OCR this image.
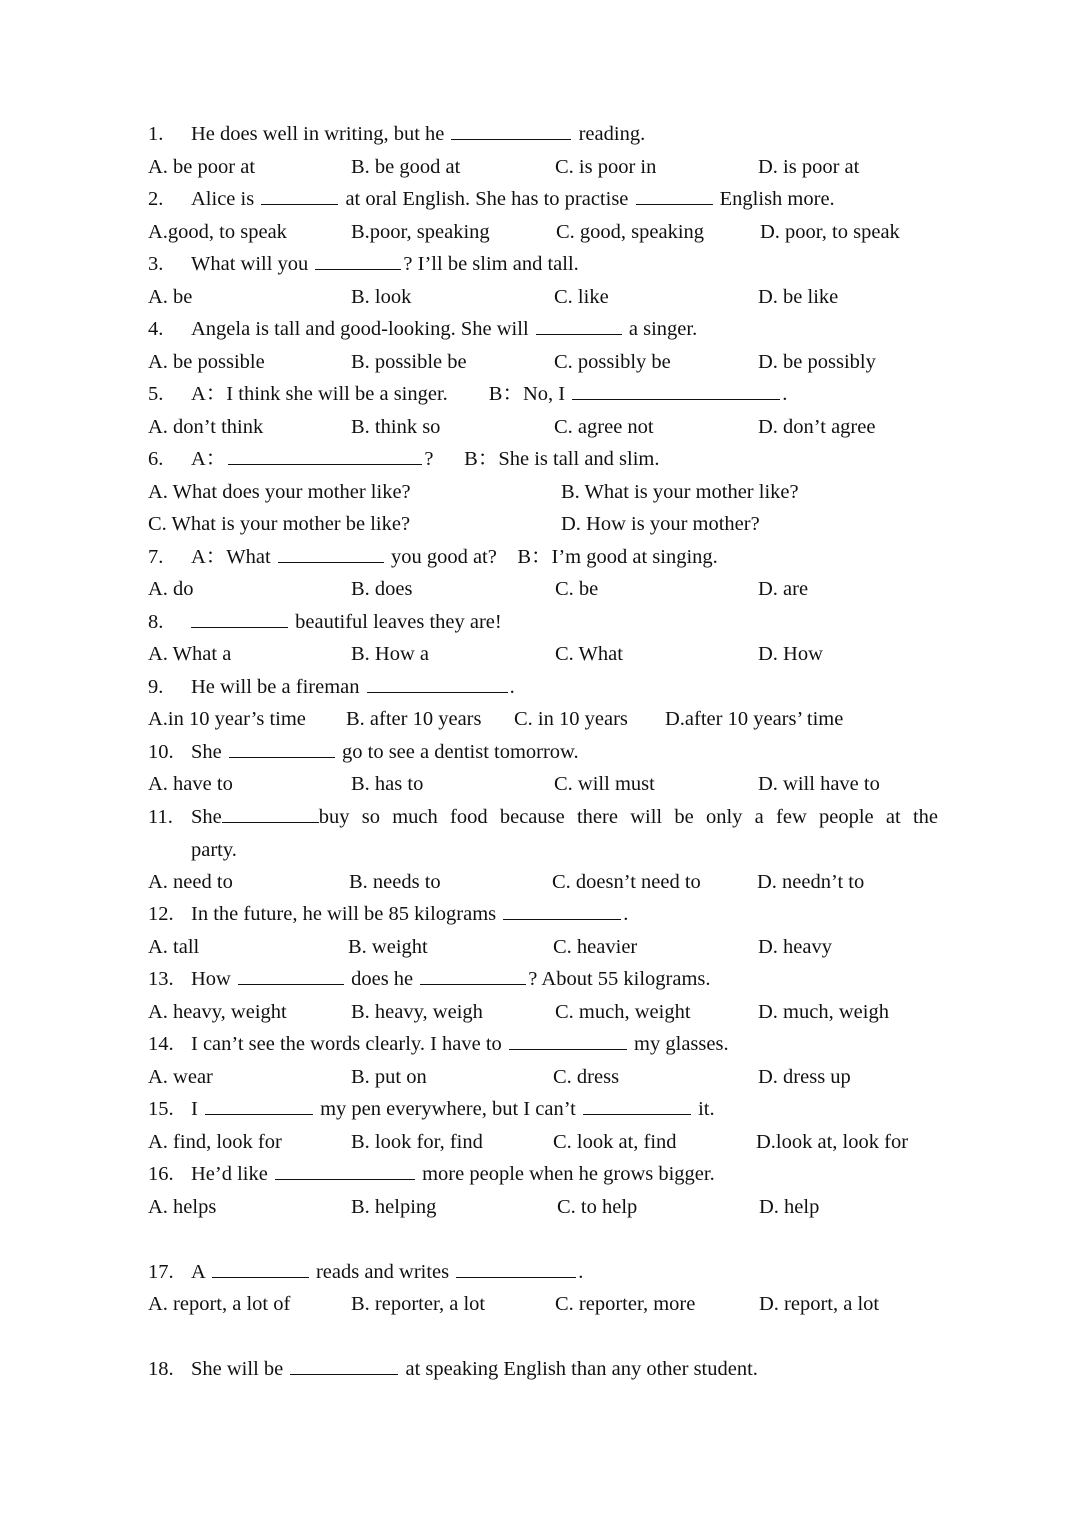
1. He does well in writing, but he	reading.
A. be poor at	B. be good at	C. is poor in	D. is poor at
2. Alice is	at oral English. She has to practise	English more.
A.good, to speak	B.poor, speaking	C. good, speaking	D. poor, to speak
3. What will you	? I’ll be slim and tall.
A. be	B. look	C. like	D. be like
4. Angela is tall and good-looking. She will	a singer.
A. be possible	B. possible be	C. possibly be	D. be possibly
5. A：I think she will be a singer.        B：No, I	.
A. don’t think	B. think so	C. agree not	D. don’t agree
6. A：	?      B：She is tall and slim.
A. What does your mother like?	B. What is your mother like?
C. What is your mother be like?	D. How is your mother?
7. A：What	you good at?    B：I’m good at singing.
A. do	B. does	C. be	D. are
8.	beautiful leaves they are!
A. What a	B. How a	C. What	D. How
9. He will be a fireman	.
A.in 10 year’s time B. after 10 years C. in 10 years D.after 10 years’ time
10. She	go to see a dentist tomorrow.
A. have to	B. has to	C. will must	D. will have to
11. She	buy so much food because there will be only a few people at the
party.
A. need to	B. needs to	C. doesn’t need to	D. needn’t to
12. In the future, he will be 85 kilograms	.
A. tall	B. weight	C. heavier	D. heavy
13. How	does he	? About 55 kilograms.
A. heavy, weight	B. heavy, weigh	C. much, weight	D. much, weigh
14. I can’t see the words clearly. I have to	my glasses.
A. wear	B. put on	C. dress	D. dress up
15. I	my pen everywhere, but I can’t	it.
A. find, look for	B. look for, find	C. look at, find	D.look at, look for
16. He’d like	more people when he grows bigger.
A. helps	B. helping	C. to help	D. help
17. A	reads and writes	.
A. report, a lot of	B. reporter, a lot	C. reporter, more	D. report, a lot
18. She will be	at speaking English than any other student.
